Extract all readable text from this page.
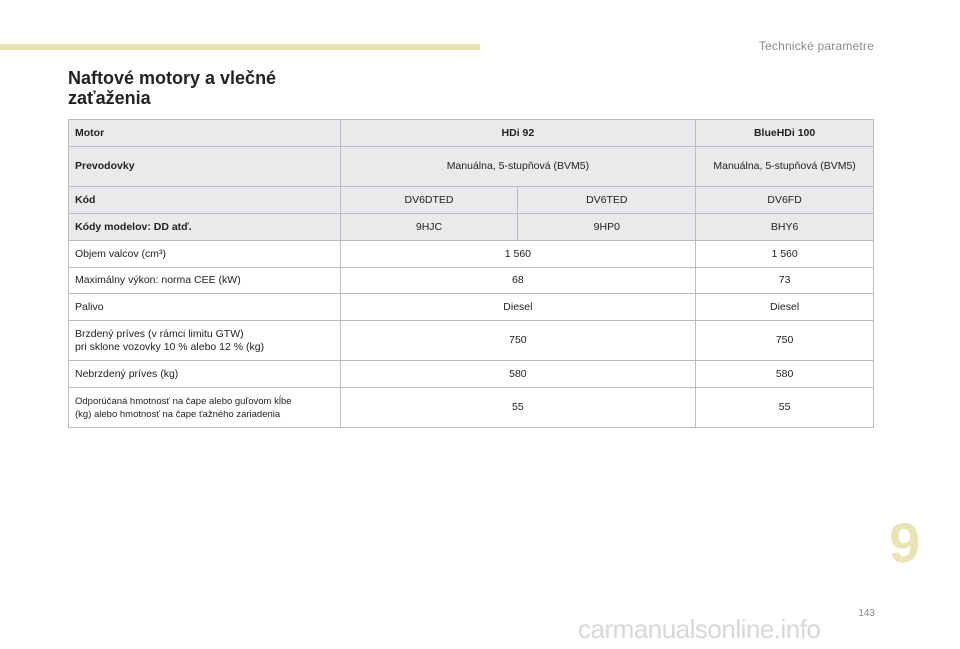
Technické parametre
Naftové motory a vlečné
zaťaženia
Motor	HDi 92		BlueHDi 100
Prevodovky	Manuálna, 5-stupňová (BVM5)		Manuálna, 5-stupňová (BVM5)
Kód	DV6DTED	DV6TED	DV6FD
Kódy modelov: DD atď.	9HJC	9HP0	BHY6
Objem valcov (cm³)	1 560		1 560
Maximálny výkon: norma CEE (kW)	68		73
Palivo	Diesel		Diesel
Brzdený príves (v rámci limitu GTW)
pri sklone vozovky 10 % alebo 12 % (kg)	750		750
Nebrzdený príves (kg)	580		580
Odporúčaná hmotnosť na čape alebo guľovom kĺbe
(kg) alebo hmotnosť na čape ťažného zariadenia	55		55
9
143
carmanualsonline.info
